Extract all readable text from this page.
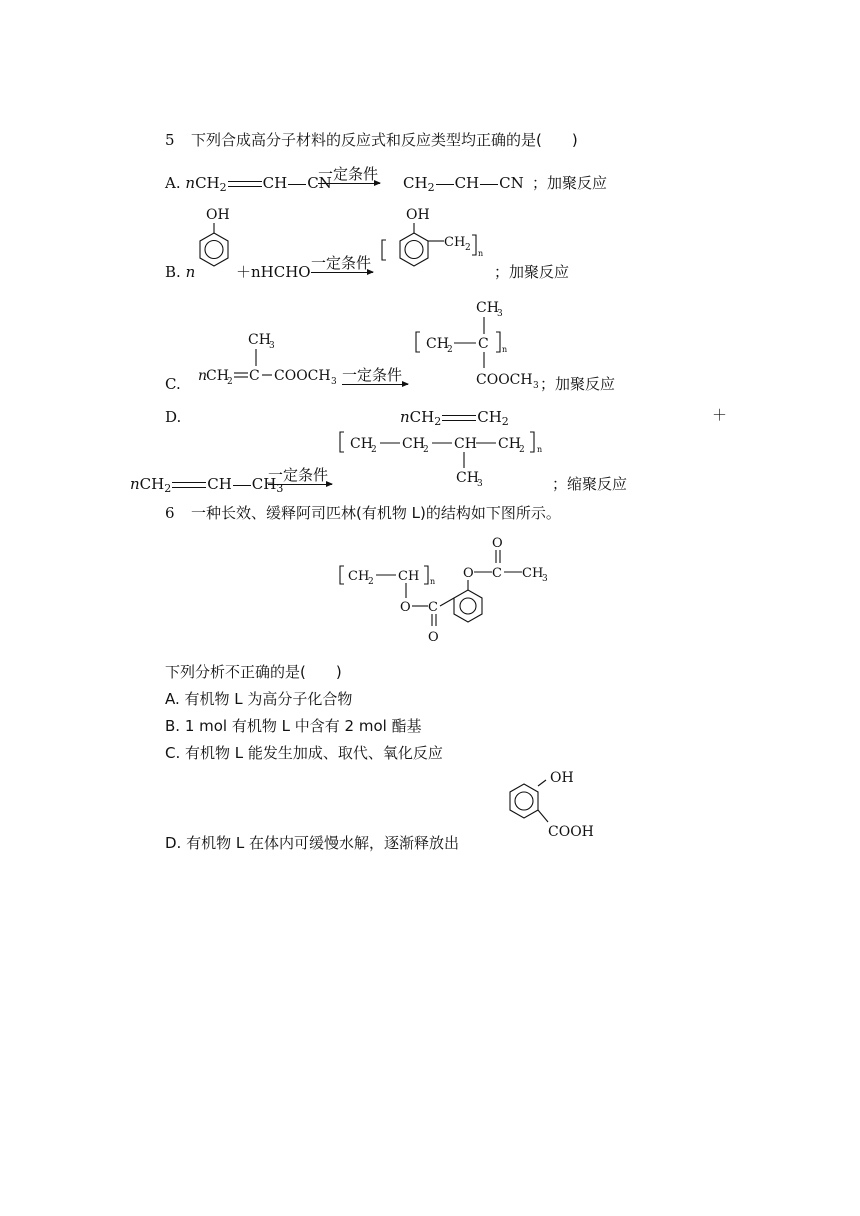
5 下列合成高分子材料的反应式和反应类型均正确的是(　　)
A. nCH$_2$ CH CN
一定条件 $CH_2$ CH CN ；加聚反应
B. n
OH
＋nHCHO 一定条件
OH
CH 2
n
；加聚反应
C.
CH
3
n
CH
2 C COOCH 3 一定条件
CH
3
CH
2 C n
COOCH 3 ；加聚反应
D.	nCH$_2$ $CH_2$	＋
nCH$_2$ CH $CH_3$
一定条件
CH
2 CH
2 CH CH
2 n
CH
3	；缩聚反应
6 一种长效、缓释阿司匹林(有机物 L)的结构如下图所示。
CH
2 CH n
O C
O
O C
O
CH
3
下列分析不正确的是(　　)
A. 有机物 L 为高分子化合物
B. 1 mol 有机物 L 中含有 2 mol 酯基
C. 有机物 L 能发生加成、取代、氧化反应
D. 有机物 L 在体内可缓慢水解，逐渐释放出
OH
COOH
